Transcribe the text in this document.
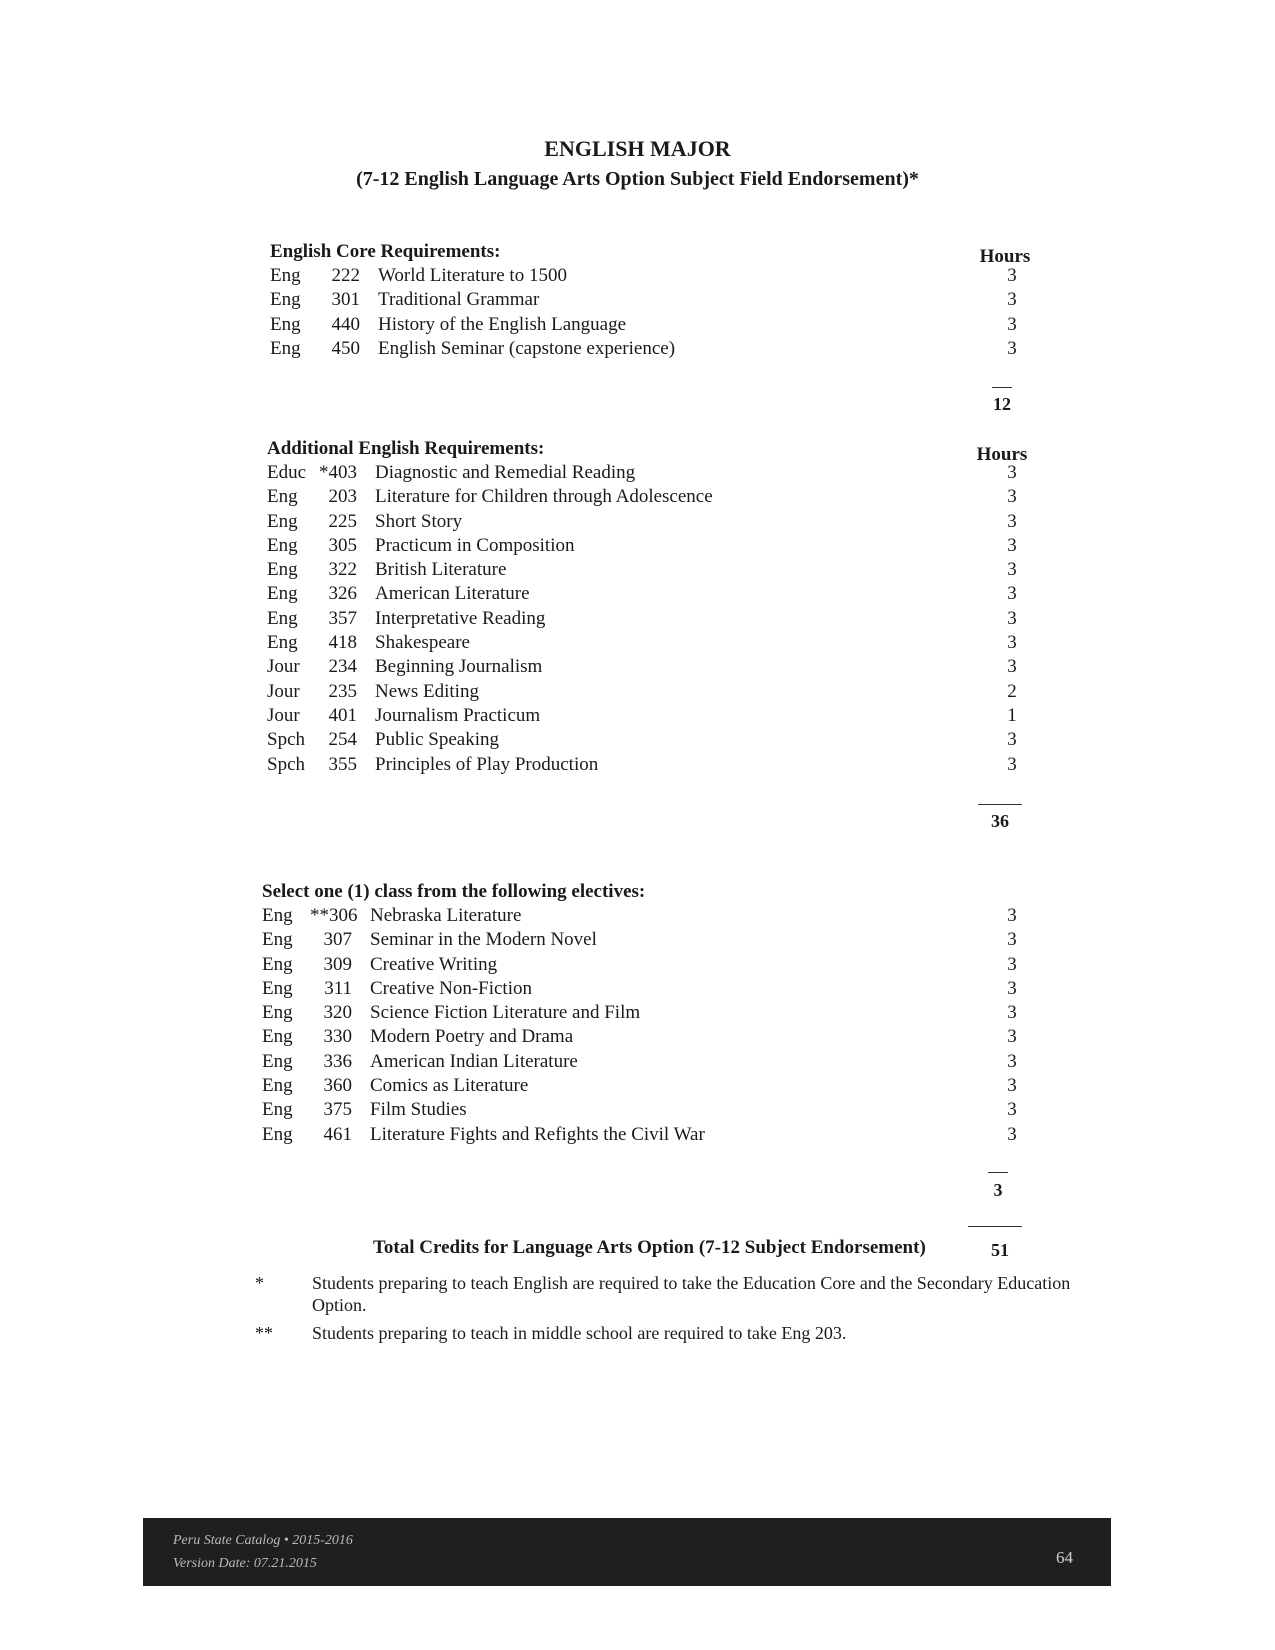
ENGLISH MAJOR
(7-12 English Language Arts Option Subject Field Endorsement)*
English Core Requirements:
Eng	222 World Literature to 1500	3
Eng	301 Traditional Grammar	3
Eng	440 History of the English Language	3
Eng	450 English Seminar (capstone experience)	3
Hours
12
Additional English Requirements:
Educ *403 Diagnostic and Remedial Reading	3
Eng	203 Literature for Children through Adolescence	3
Eng	225 Short Story	3
Eng	305 Practicum in Composition	3
Eng	322 British Literature	3
Eng	326 American Literature	3
Eng	357 Interpretative Reading	3
Eng	418 Shakespeare	3
Jour	234 Beginning Journalism	3
Jour	235 News Editing	2
Jour	401 Journalism Practicum	1
Spch	254 Public Speaking	3
Spch	355 Principles of Play Production	3
Hours
36
Select one (1) class from the following electives:
Eng **306 Nebraska Literature	3
Eng	307 Seminar in the Modern Novel	3
Eng	309 Creative Writing	3
Eng	311 Creative Non-Fiction	3
Eng	320 Science Fiction Literature and Film	3
Eng	330 Modern Poetry and Drama	3
Eng	336 American Indian Literature	3
Eng	360 Comics as Literature	3
Eng	375 Film Studies	3
Eng	461 Literature Fights and Refights the Civil War	3
3
Total Credits for Language Arts Option (7-12 Subject Endorsement)	51
*	Students preparing to teach English are required to take the Education Core and the Secondary Education Option.
**	Students preparing to teach in middle school are required to take Eng 203.
Peru State Catalog • 2015-2016
Version Date: 07.21.2015	64
